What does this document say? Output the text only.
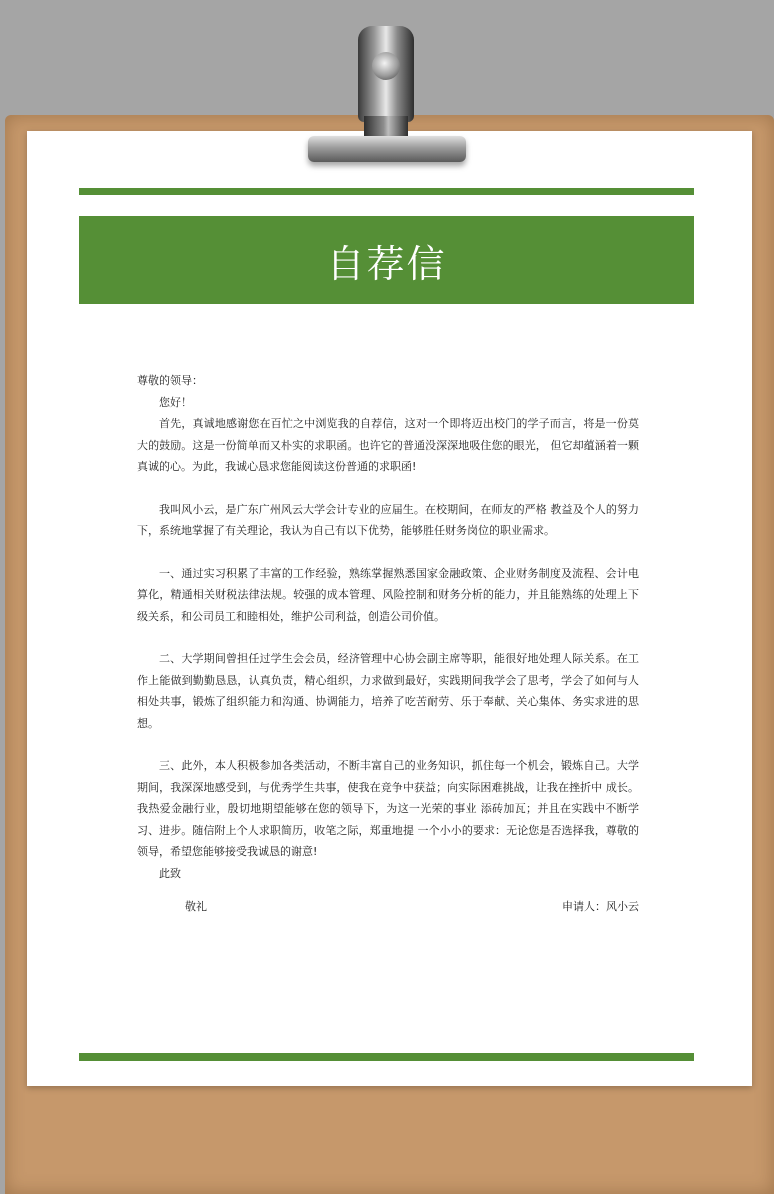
自荐信

尊敬的领导：

您好！

首先，真诚地感谢您在百忙之中浏览我的自荐信，这对一个即将迈出校门的学子而言，将是一份莫大的鼓励。这是一份简单而又朴实的求职函。也许它的普通没深深地吸住您的眼光， 但它却蕴涵着一颗真诚的心。为此，我诚心恳求您能阅读这份普通的求职函!

我叫风小云，是广东广州风云大学会计专业的应届生。在校期间，在师友的严格 教益及个人的努力下，系统地掌握了有关理论，我认为自己有以下优势，能够胜任财务岗位的职业需求。

一、通过实习积累了丰富的工作经验，熟练掌握熟悉国家金融政策、企业财务制度及流程、会计电算化，精通相关财税法律法规。较强的成本管理、风险控制和财务分析的能力，并且能熟练的处理上下级关系，和公司员工和睦相处，维护公司利益，创造公司价值。

二、大学期间曾担任过学生会会员，经济管理中心协会副主席等职，能很好地处理人际关系。在工作上能做到勤勤恳恳，认真负责，精心组织，力求做到最好，实践期间我学会了思考，学会了如何与人相处共事，锻炼了组织能力和沟通、协调能力，培养了吃苦耐劳、乐于奉献、关心集体、务实求进的思想。

三、此外，本人积极参加各类活动，不断丰富自己的业务知识，抓住每一个机会，锻炼自己。大学期间，我深深地感受到，与优秀学生共事，使我在竞争中获益；向实际困难挑战，让我在挫折中 成长。我热爱金融行业，殷切地期望能够在您的领导下，为这一光荣的事业 添砖加瓦；并且在实践中不断学习、进步。随信附上个人求职简历，收笔之际，郑重地提 一个小小的要求：无论您是否选择我，尊敬的领导，希望您能够接受我诚恳的谢意!

此致

敬礼	申请人：风小云
